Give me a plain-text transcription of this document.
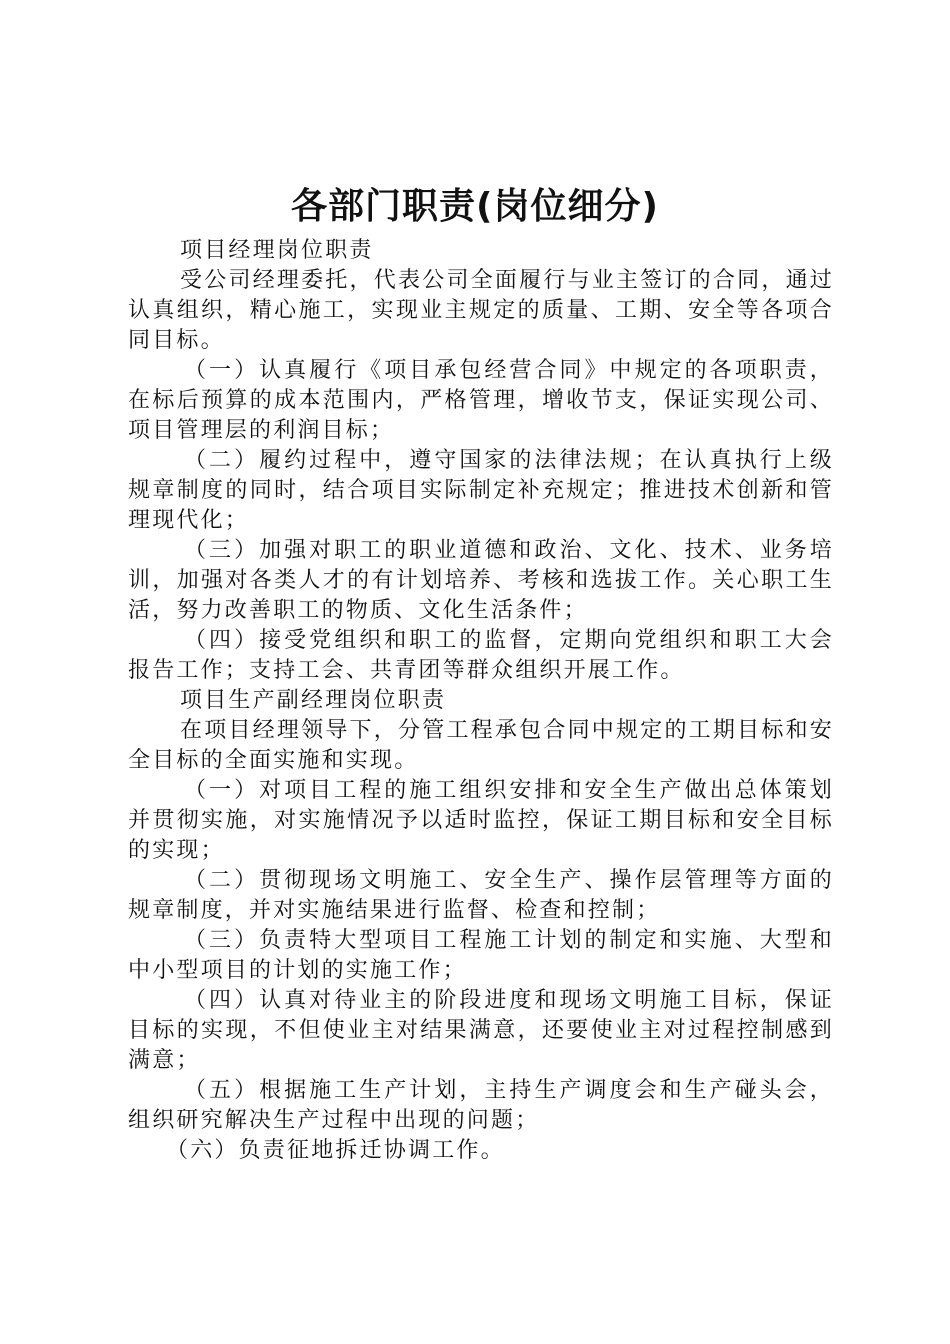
各部门职责(岗位细分)

项目经理岗位职责

受公司经理委托，代表公司全面履行与业主签订的合同，通过认真组织，精心施工，实现业主规定的质量、工期、安全等各项合同目标。

（一）认真履行《项目承包经营合同》中规定的各项职责，在标后预算的成本范围内，严格管理，增收节支，保证实现公司、项目管理层的利润目标；

（二）履约过程中，遵守国家的法律法规；在认真执行上级规章制度的同时，结合项目实际制定补充规定；推进技术创新和管理现代化；

（三）加强对职工的职业道德和政治、文化、技术、业务培训，加强对各类人才的有计划培养、考核和选拔工作。关心职工生活，努力改善职工的物质、文化生活条件；

（四）接受党组织和职工的监督，定期向党组织和职工大会报告工作；支持工会、共青团等群众组织开展工作。

项目生产副经理岗位职责

在项目经理领导下，分管工程承包合同中规定的工期目标和安全目标的全面实施和实现。

（一）对项目工程的施工组织安排和安全生产做出总体策划并贯彻实施，对实施情况予以适时监控，保证工期目标和安全目标的实现；

（二）贯彻现场文明施工、安全生产、操作层管理等方面的规章制度，并对实施结果进行监督、检查和控制；

（三）负责特大型项目工程施工计划的制定和实施、大型和中小型项目的计划的实施工作；

（四）认真对待业主的阶段进度和现场文明施工目标，保证目标的实现，不但使业主对结果满意，还要使业主对过程控制感到满意；

（五）根据施工生产计划，主持生产调度会和生产碰头会，组织研究解决生产过程中出现的问题；

（六）负责征地拆迁协调工作。
